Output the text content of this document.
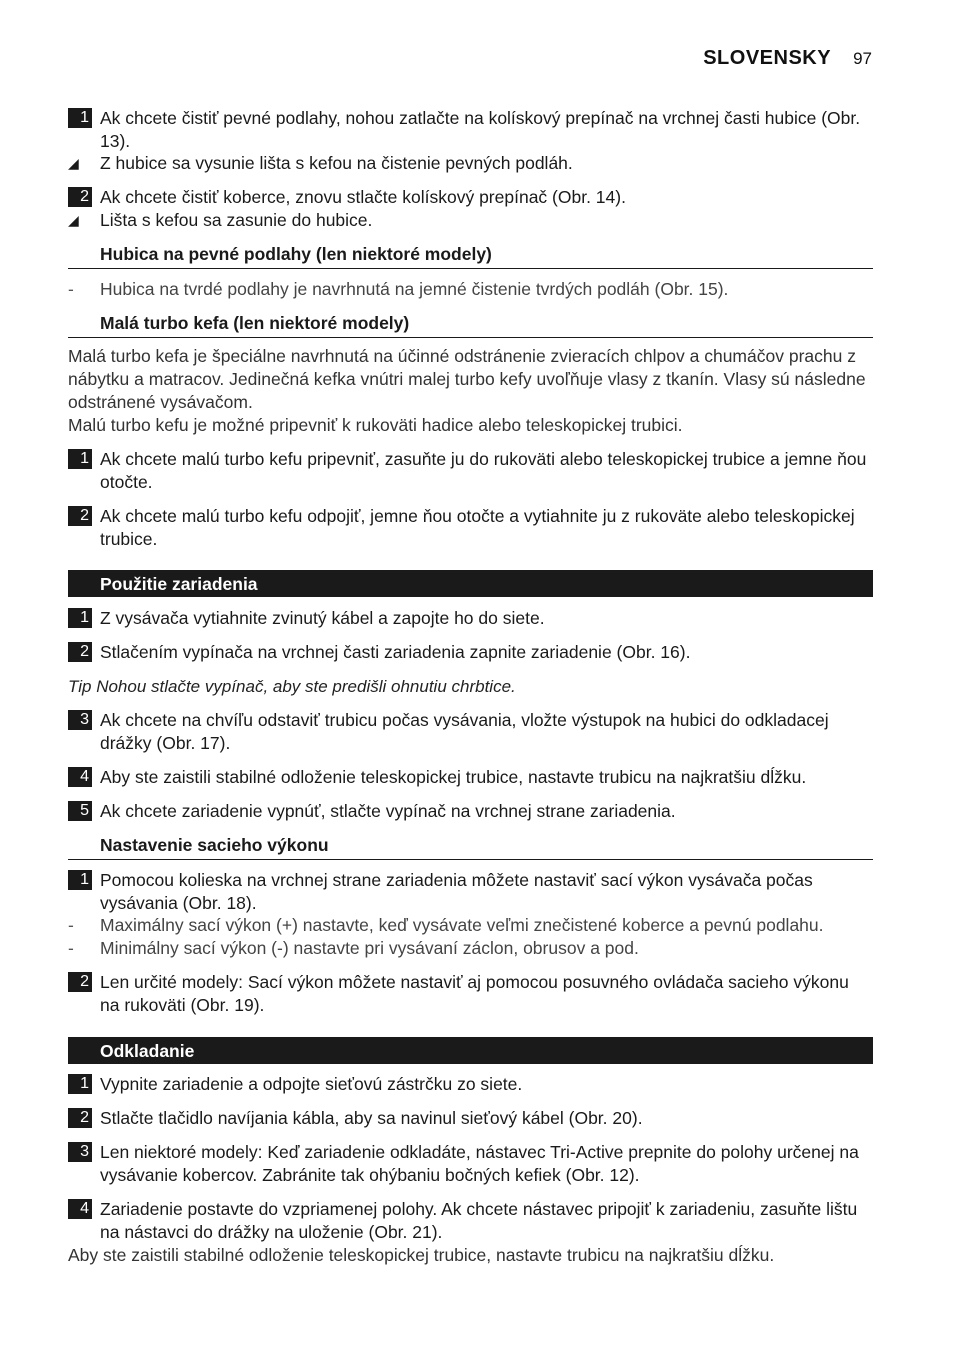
SLOVENSKY 97
1 Ak chcete čistiť pevné podlahy, nohou zatlačte na kolískový prepínač na vrchnej časti hubice (Obr. 13).
◢ Z hubice sa vysunie lišta s kefou na čistenie pevných podláh.
2 Ak chcete čistiť koberce, znovu stlačte kolískový prepínač (Obr. 14).
◢ Lišta s kefou sa zasunie do hubice.
Hubica na pevné podlahy (len niektoré modely)
- Hubica na tvrdé podlahy je navrhnutá na jemné čistenie tvrdých podláh (Obr. 15).
Malá turbo kefa (len niektoré modely)
Malá turbo kefa je špeciálne navrhnutá na účinné odstránenie zvieracích chlpov a chumáčov prachu z nábytku a matracov. Jedinečná kefka vnútri malej turbo kefy uvoľňuje vlasy z tkanín. Vlasy sú následne odstránené vysávačom.
Malú turbo kefu je možné pripevniť k rukoväti hadice alebo teleskopickej trubici.
1 Ak chcete malú turbo kefu pripevniť, zasuňte ju do rukoväti alebo teleskopickej trubice a jemne ňou otočte.
2 Ak chcete malú turbo kefu odpojiť, jemne ňou otočte a vytiahnite ju z rukoväte alebo teleskopickej trubice.
Použitie zariadenia
1 Z vysávača vytiahnite zvinutý kábel a zapojte ho do siete.
2 Stlačením vypínača na vrchnej časti zariadenia zapnite zariadenie (Obr. 16).
Tip Nohou stlačte vypínač, aby ste predišli ohnutiu chrbtice.
3 Ak chcete na chvíľu odstaviť trubicu počas vysávania, vložte výstupok na hubici do odkladacej drážky (Obr. 17).
4 Aby ste zaistili stabilné odloženie teleskopickej trubice, nastavte trubicu na najkratšiu dĺžku.
5 Ak chcete zariadenie vypnúť, stlačte vypínač na vrchnej strane zariadenia.
Nastavenie sacieho výkonu
1 Pomocou kolieska na vrchnej strane zariadenia môžete nastaviť sací výkon vysávača počas vysávania (Obr. 18).
- Maximálny sací výkon (+) nastavte, keď vysávate veľmi znečistené koberce a pevnú podlahu.
- Minimálny sací výkon (-) nastavte pri vysávaní záclon, obrusov a pod.
2 Len určité modely: Sací výkon môžete nastaviť aj pomocou posuvného ovládača sacieho výkonu na rukoväti (Obr. 19).
Odkladanie
1 Vypnite zariadenie a odpojte sieťovú zástrčku zo siete.
2 Stlačte tlačidlo navíjania kábla, aby sa navinul sieťový kábel (Obr. 20).
3 Len niektoré modely: Keď zariadenie odkladáte, nástavec Tri-Active prepnite do polohy určenej na vysávanie kobercov. Zabránite tak ohýbaniu bočných kefiek (Obr. 12).
4 Zariadenie postavte do vzpriamenej polohy. Ak chcete nástavec pripojiť k zariadeniu, zasuňte lištu na nástavci do drážky na uloženie (Obr. 21).
Aby ste zaistili stabilné odloženie teleskopickej trubice, nastavte trubicu na najkratšiu dĺžku.
